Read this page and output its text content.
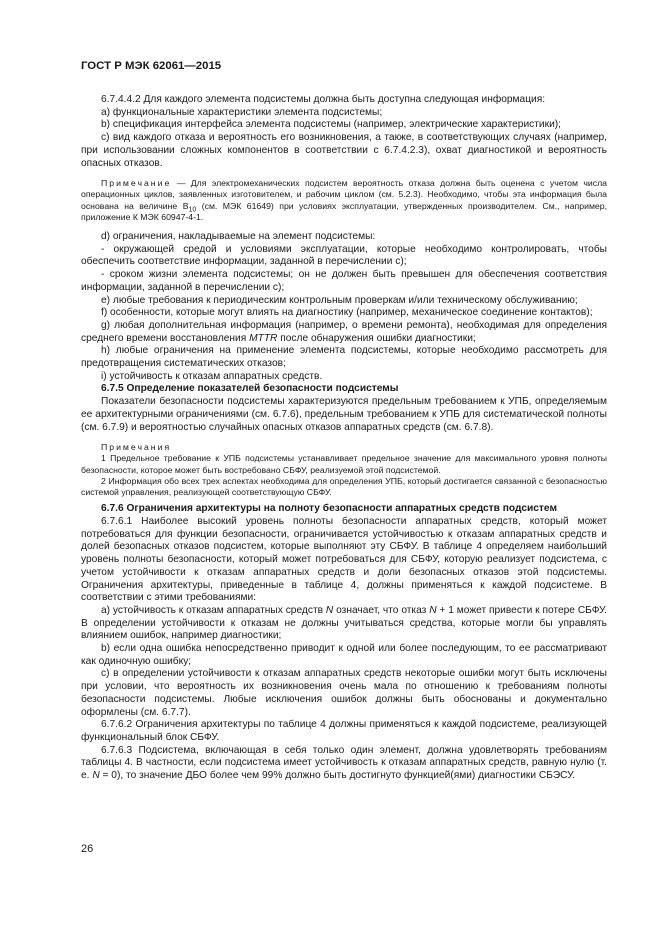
ГОСТ Р МЭК 62061—2015

6.7.4.4.2 Для каждого элемента подсистемы должна быть доступна следующая информация:

a) функциональные характеристики элемента подсистемы;

b) спецификация интерфейса элемента подсистемы (например, электрические характеристики);

c) вид каждого отказа и вероятность его возникновения, а также, в соответствующих случаях (например, при использовании сложных компонентов в соответствии с 6.7.4.2.3), охват диагностикой и вероятность опасных отказов.

Примечание — Для электромеханических подсистем вероятность отказа должна быть оценена с учетом числа операционных циклов, заявленных изготовителем, и рабочим циклом (см. 5.2.3). Необходимо, чтобы эта информация была основана на величине $B_{10}$ (см. МЭК 61649) при условиях эксплуатации, утвержденных производителем. См., например, приложение К МЭК 60947-4-1.

d) ограничения, накладываемые на элемент подсистемы:

- окружающей средой и условиями эксплуатации, которые необходимо контролировать, чтобы обеспечить соответствие информации, заданной в перечислении c);

- сроком жизни элемента подсистемы; он не должен быть превышен для обеспечения соответствия информации, заданной в перечислении c);

e) любые требования к периодическим контрольным проверкам и/или техническому обслуживанию;

f) особенности, которые могут влиять на диагностику (например, механическое соединение контактов);

g) любая дополнительная информация (например, о времени ремонта), необходимая для определения среднего времени восстановления MTTR после обнаружения ошибки диагностики;

h) любые ограничения на применение элемента подсистемы, которые необходимо рассмотреть для предотвращения систематических отказов;

i) устойчивость к отказам аппаратных средств.

6.7.5 Определение показателей безопасности подсистемы

Показатели безопасности подсистемы характеризуются предельным требованием к УПБ, определяемым ее архитектурными ограничениями (см. 6.7.6), предельным требованием к УПБ для систематической полноты (см. 6.7.9) и вероятностью случайных опасных отказов аппаратных средств (см. 6.7.8).

Примечания

1 Предельное требование к УПБ подсистемы устанавливает предельное значение для максимального уровня полноты безопасности, которое может быть востребовано СБФУ, реализуемой этой подсистемой.

2 Информация обо всех трех аспектах необходима для определения УПБ, который достигается связанной с безопасностью системой управления, реализующей соответствующую СБФУ.

6.7.6 Ограничения архитектуры на полноту безопасности аппаратных средств подсистем

6.7.6.1 Наиболее высокий уровень полноты безопасности аппаратных средств, который может потребоваться для функции безопасности, ограничивается устойчивостью к отказам аппаратных средств и долей безопасных отказов подсистем, которые выполняют эту СБФУ. В таблице 4 определяем наибольший уровень полноты безопасности, который может потребоваться для СБФУ, которую реализует подсистема, с учетом устойчивости к отказам аппаратных средств и доли безопасных отказов этой подсистемы. Ограничения архитектуры, приведенные в таблице 4, должны применяться к каждой подсистеме. В соответствии с этими требованиями:

a) устойчивость к отказам аппаратных средств N означает, что отказ N + 1 может привести к потере СБФУ. В определении устойчивости к отказам не должны учитываться средства, которые могли бы управлять влиянием ошибок, например диагностики;

b) если одна ошибка непосредственно приводит к одной или более последующим, то ее рассматривают как одиночную ошибку;

c) в определении устойчивости к отказам аппаратных средств некоторые ошибки могут быть исключены при условии, что вероятность их возникновения очень мала по отношению к требованиям полноты безопасности подсистемы. Любые исключения ошибок должны быть обоснованы и документально оформлены (см. 6.7.7).

6.7.6.2 Ограничения архитектуры по таблице 4 должны применяться к каждой подсистеме, реализующей функциональный блок СБФУ.

6.7.6.3 Подсистема, включающая в себя только один элемент, должна удовлетворять требованиям таблицы 4. В частности, если подсистема имеет устойчивость к отказам аппаратных средств, равную нулю (т. е. N = 0), то значение ДБО более чем 99% должно быть достигнуто функцией(ями) диагностики СБЭСУ.

26
